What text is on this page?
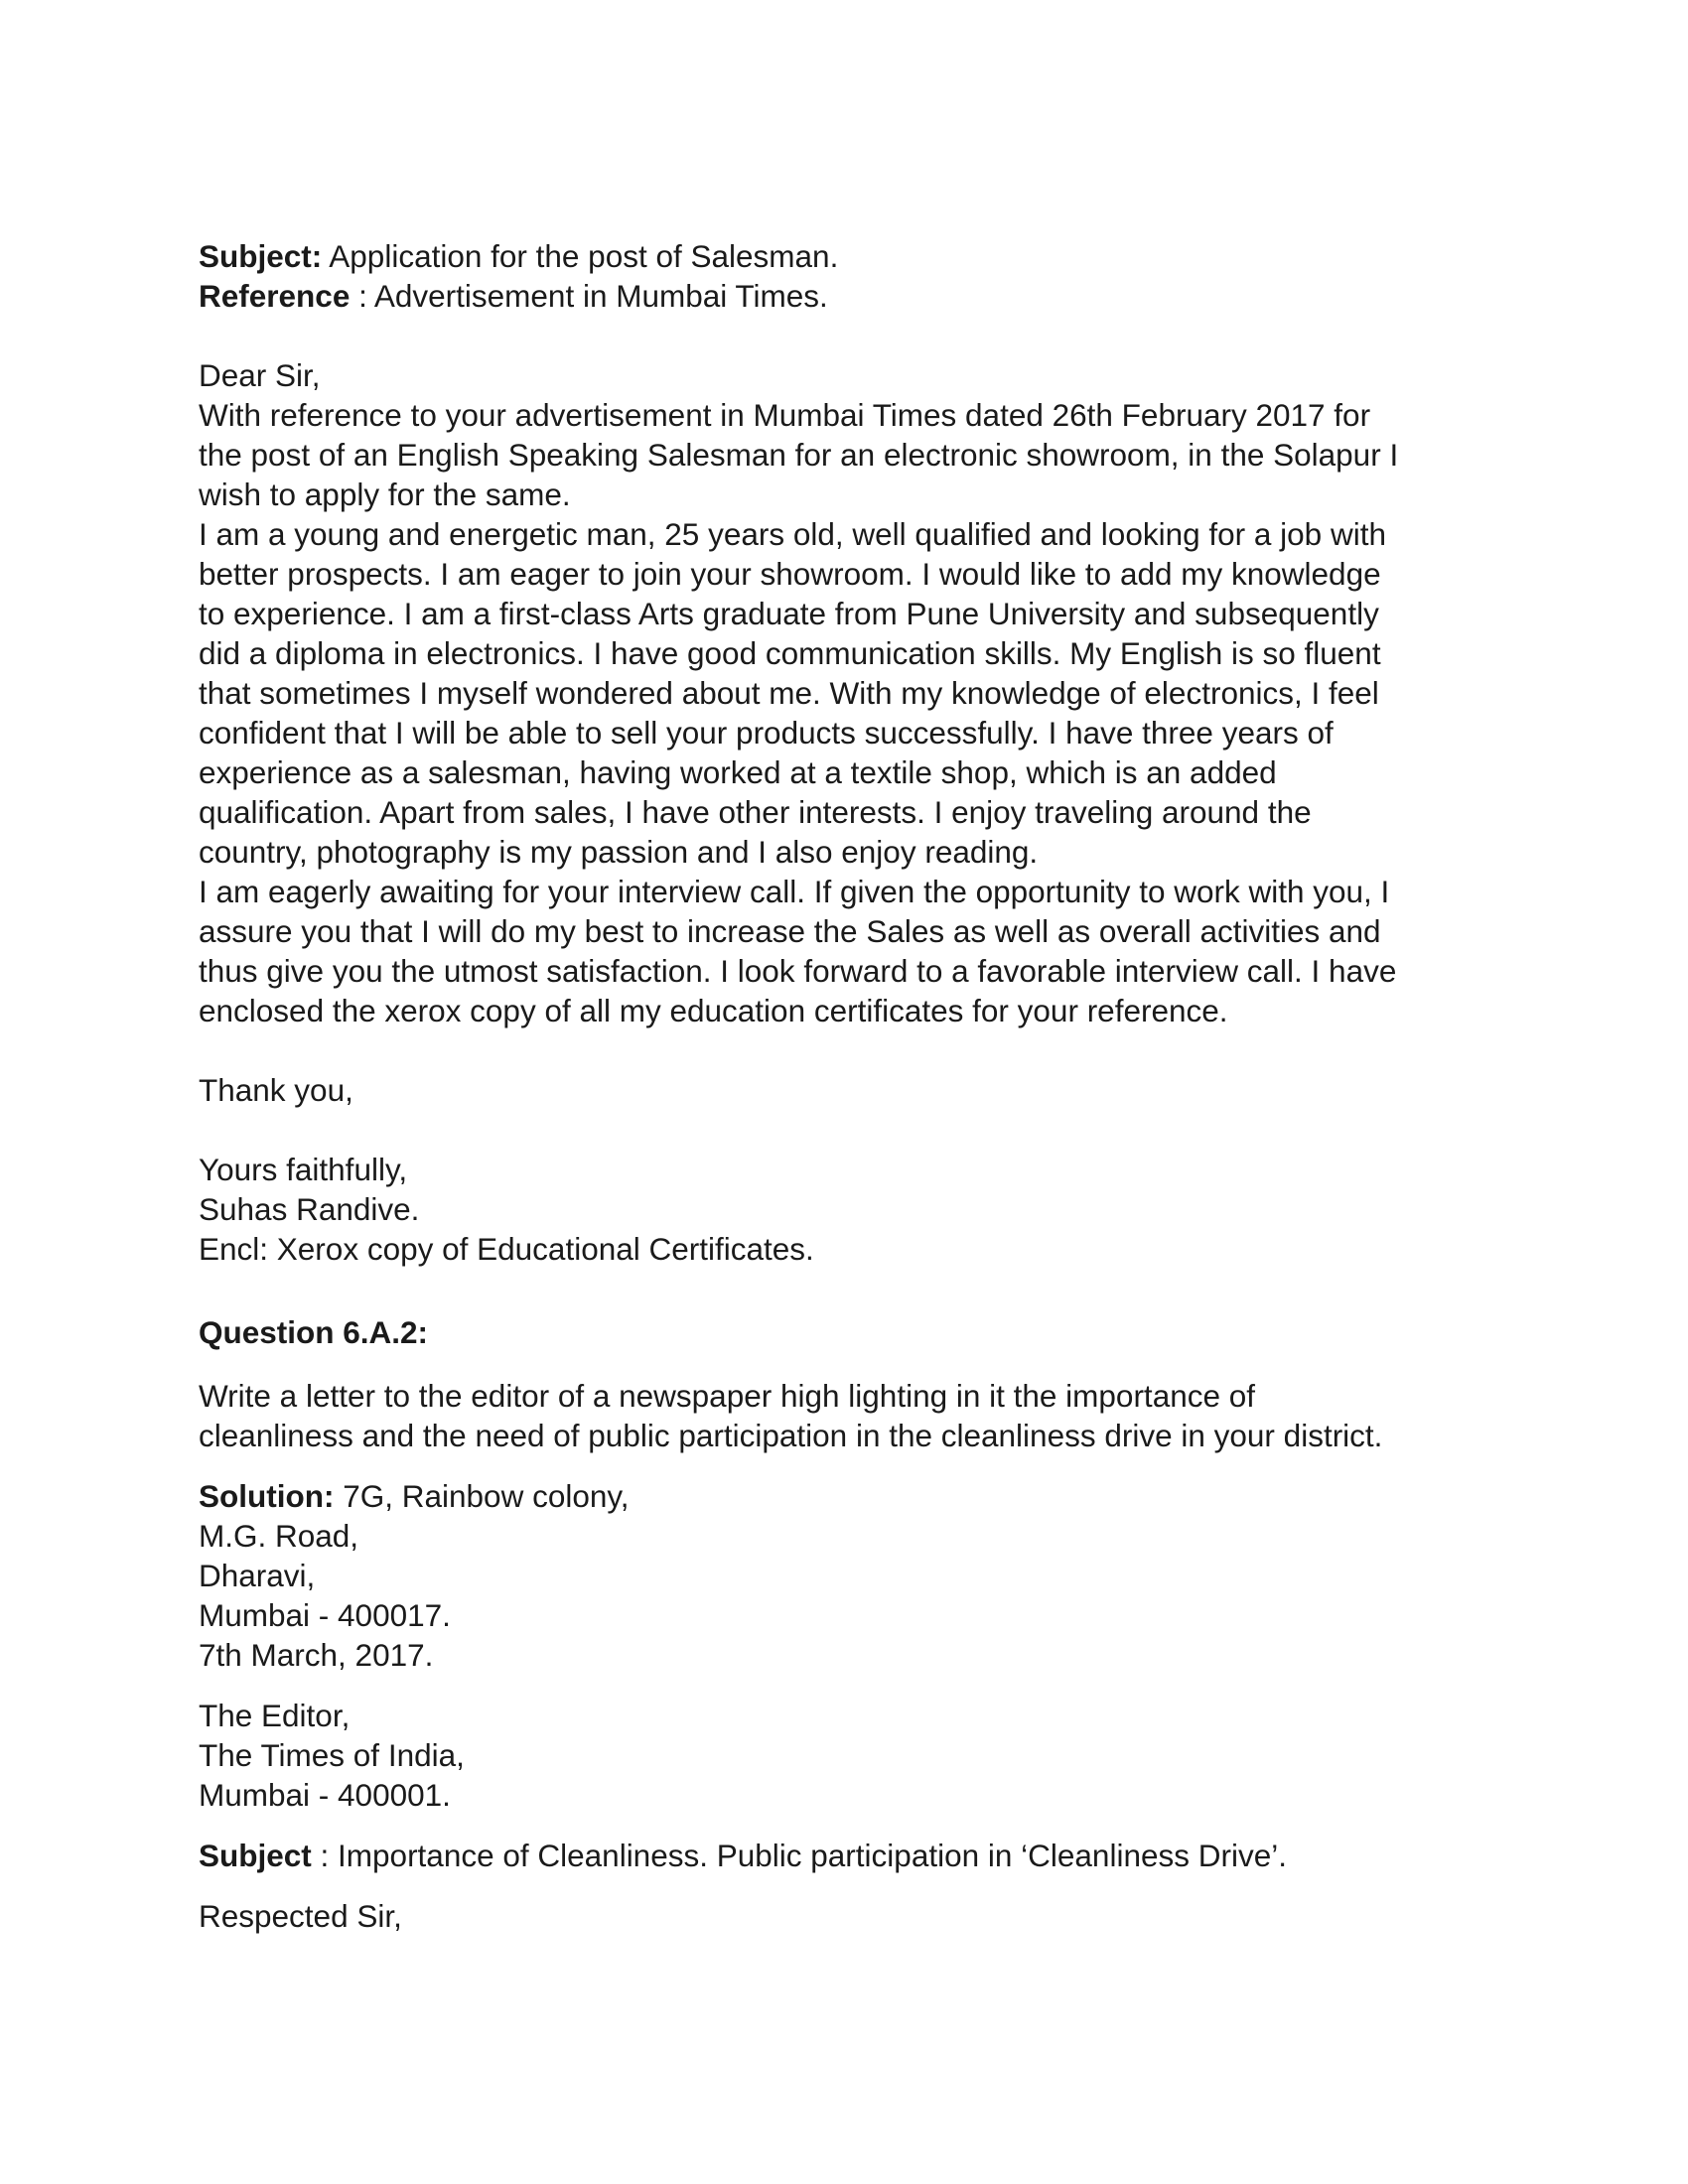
Subject: Application for the post of Salesman.
Reference : Advertisement in Mumbai Times.
Dear Sir,
With reference to your advertisement in Mumbai Times dated 26th February 2017 for
the post of an English Speaking Salesman for an electronic showroom, in the Solapur I
wish to apply for the same.
I am a young and energetic man, 25 years old, well qualified and looking for a job with
better prospects. I am eager to join your showroom. I would like to add my knowledge
to experience. I am a first-class Arts graduate from Pune University and subsequently
did a diploma in electronics. I have good communication skills. My English is so fluent
that sometimes I myself wondered about me. With my knowledge of electronics, I feel
confident that I will be able to sell your products successfully. I have three years of
experience as a salesman, having worked at a textile shop, which is an added
qualification. Apart from sales, I have other interests. I enjoy traveling around the
country, photography is my passion and I also enjoy reading.
I am eagerly awaiting for your interview call. If given the opportunity to work with you, I
assure you that I will do my best to increase the Sales as well as overall activities and
thus give you the utmost satisfaction. I look forward to a favorable interview call. I have
enclosed the xerox copy of all my education certificates for your reference.
Thank you,
Yours faithfully,
Suhas Randive.
Encl: Xerox copy of Educational Certificates.
Question 6.A.2:
Write a letter to the editor of a newspaper high lighting in it the importance of
cleanliness and the need of public participation in the cleanliness drive in your district.
Solution: 7G, Rainbow colony,
M.G. Road,
Dharavi,
Mumbai - 400017.
7th March, 2017.
The Editor,
The Times of India,
Mumbai - 400001.
Subject : Importance of Cleanliness. Public participation in ‘Cleanliness Drive’.
Respected Sir,
